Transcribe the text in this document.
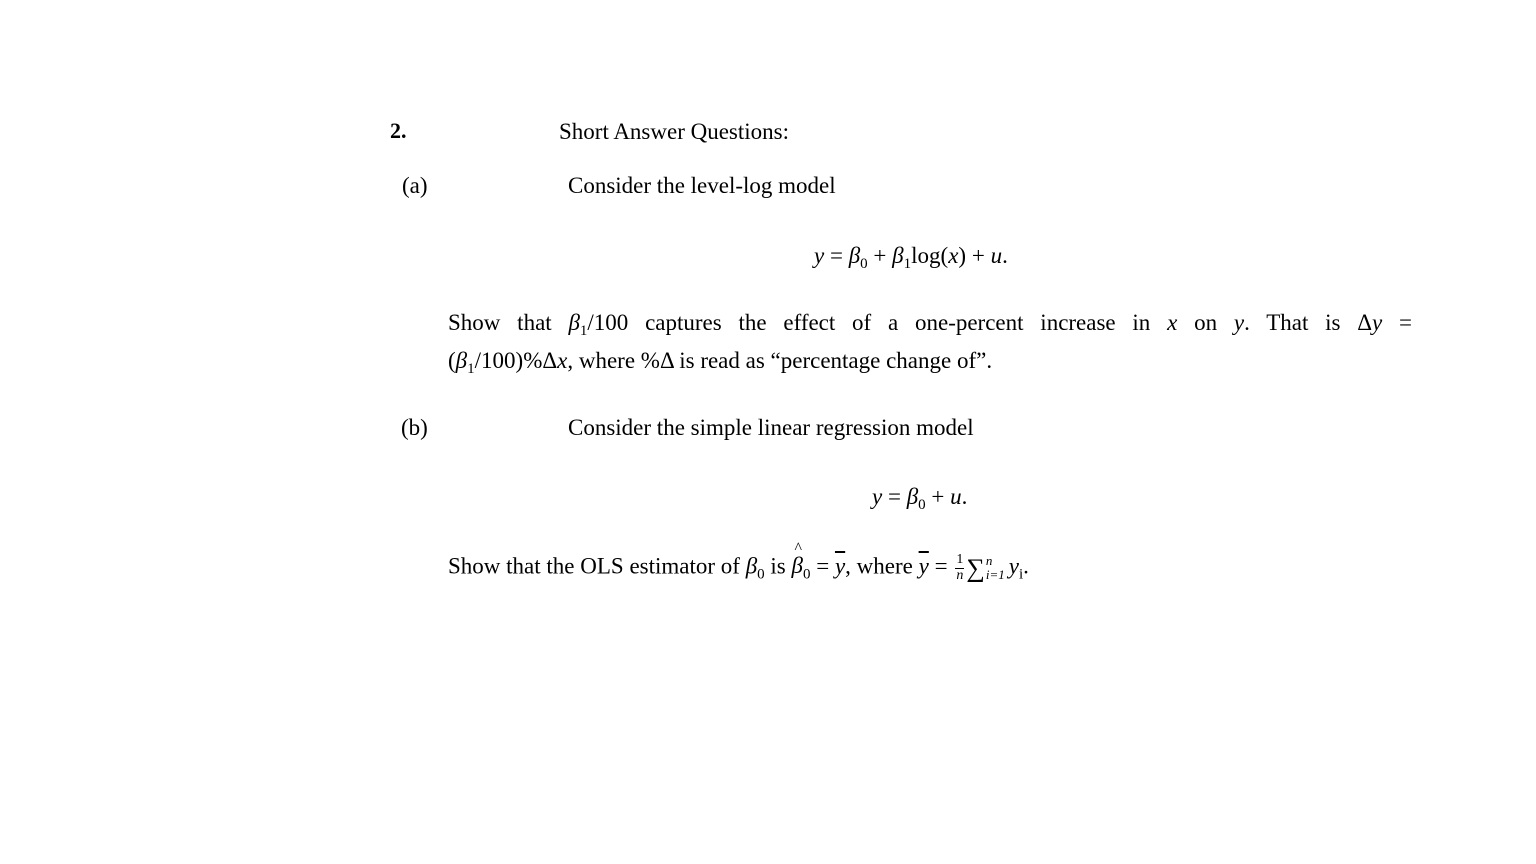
2.	Short Answer Questions:
(a)	Consider the level-log model
$y = \beta_0 + \beta_1\log(x) + u$.
Show that $\beta_1/100$ captures the effect of a one-percent increase in x on y. That is Δy =
$(\beta_1/100)\%\Delta x$, where %Δ is read as “percentage change of”.
(b)	Consider the simple linear regression model
$y = \beta_0 + u$.
Show that the OLS estimator of $\beta_0$ is ^ $\beta_0 = \overline{y}$, where $\overline{y} = \frac{1}{n}$ ∑ n
i=1 $y_i$.
